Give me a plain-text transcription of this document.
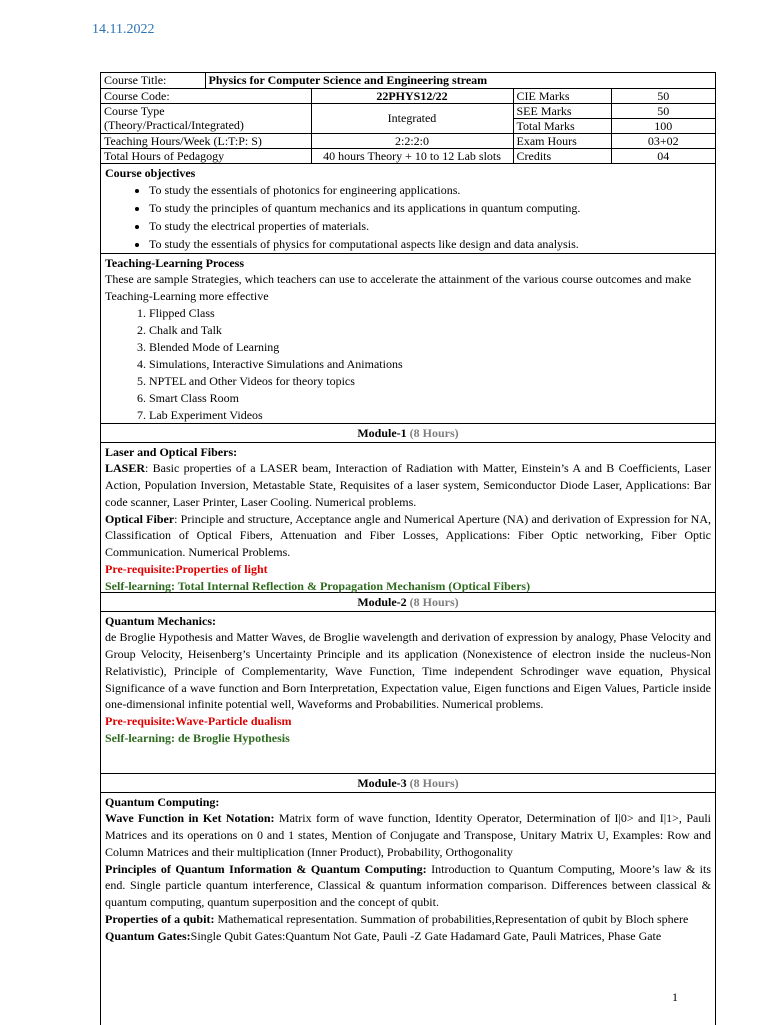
14.11.2022
Course Title:	Physics for Computer Science and Engineering stream			
Course Code:		22PHYS12/22	CIE Marks	50
Course Type
(Theory/Practical/Integrated)		Integrated	SEE Marks	50
			Total Marks	100
Teaching Hours/Week (L:T:P: S)		2:2:2:0	Exam Hours	03+02
Total Hours of Pedagogy		40 hours Theory + 10 to 12 Lab slots	Credits	04

Course objectives

• To study the essentials of photonics for engineering applications.
• To study the principles of quantum mechanics and its applications in quantum computing.
• To study the electrical properties of materials.
• To study the essentials of physics for computational aspects like design and data analysis.

Teaching-Learning Process

These are sample Strategies, which teachers can use to accelerate the attainment of the various course outcomes and make Teaching-Learning more effective

1. Flipped Class
2. Chalk and Talk
3. Blended Mode of Learning
4. Simulations, Interactive Simulations and Animations
5. NPTEL and Other Videos for theory topics
6. Smart Class Room
7. Lab Experiment Videos
Module-1 (8 Hours)

Laser and Optical Fibers:

LASER: Basic properties of a LASER beam, Interaction of Radiation with Matter, Einstein’s A and B Coefficients, Laser Action, Population Inversion, Metastable State, Requisites of a laser system, Semiconductor Diode Laser, Applications: Bar code scanner, Laser Printer, Laser Cooling. Numerical problems.

Optical Fiber: Principle and structure, Acceptance angle and Numerical Aperture (NA) and derivation of Expression for NA, Classification of Optical Fibers, Attenuation and Fiber Losses, Applications: Fiber Optic networking, Fiber Optic Communication. Numerical Problems.

Pre-requisite:Properties of light

Self-learning: Total Internal Reflection & Propagation Mechanism (Optical Fibers)

Module-2 (8 Hours)

Quantum Mechanics:

de Broglie Hypothesis and Matter Waves, de Broglie wavelength and derivation of expression by analogy, Phase Velocity and Group Velocity, Heisenberg’s Uncertainty Principle and its application (Nonexistence of electron inside the nucleus-Non Relativistic), Principle of Complementarity, Wave Function, Time independent Schrodinger wave equation, Physical Significance of a wave function and Born Interpretation, Expectation value, Eigen functions and Eigen Values, Particle inside one-dimensional infinite potential well, Waveforms and Probabilities. Numerical problems.

Pre-requisite:Wave-Particle dualism

Self-learning: de Broglie Hypothesis

Module-3 (8 Hours)

Quantum Computing:

Wave Function in Ket Notation: Matrix form of wave function, Identity Operator, Determination of I|0> and I|1>, Pauli Matrices and its operations on 0 and 1 states, Mention of Conjugate and Transpose, Unitary Matrix U, Examples: Row and Column Matrices and their multiplication (Inner Product), Probability, Orthogonality

Principles of Quantum Information & Quantum Computing: Introduction to Quantum Computing, Moore’s law & its end. Single particle quantum interference, Classical & quantum information comparison. Differences between classical & quantum computing, quantum superposition and the concept of qubit.

Properties of a qubit: Mathematical representation. Summation of probabilities,Representation of qubit by Bloch sphere

Quantum Gates:Single Qubit Gates:Quantum Not Gate, Pauli -Z Gate Hadamard Gate, Pauli Matrices, Phase Gate

1
